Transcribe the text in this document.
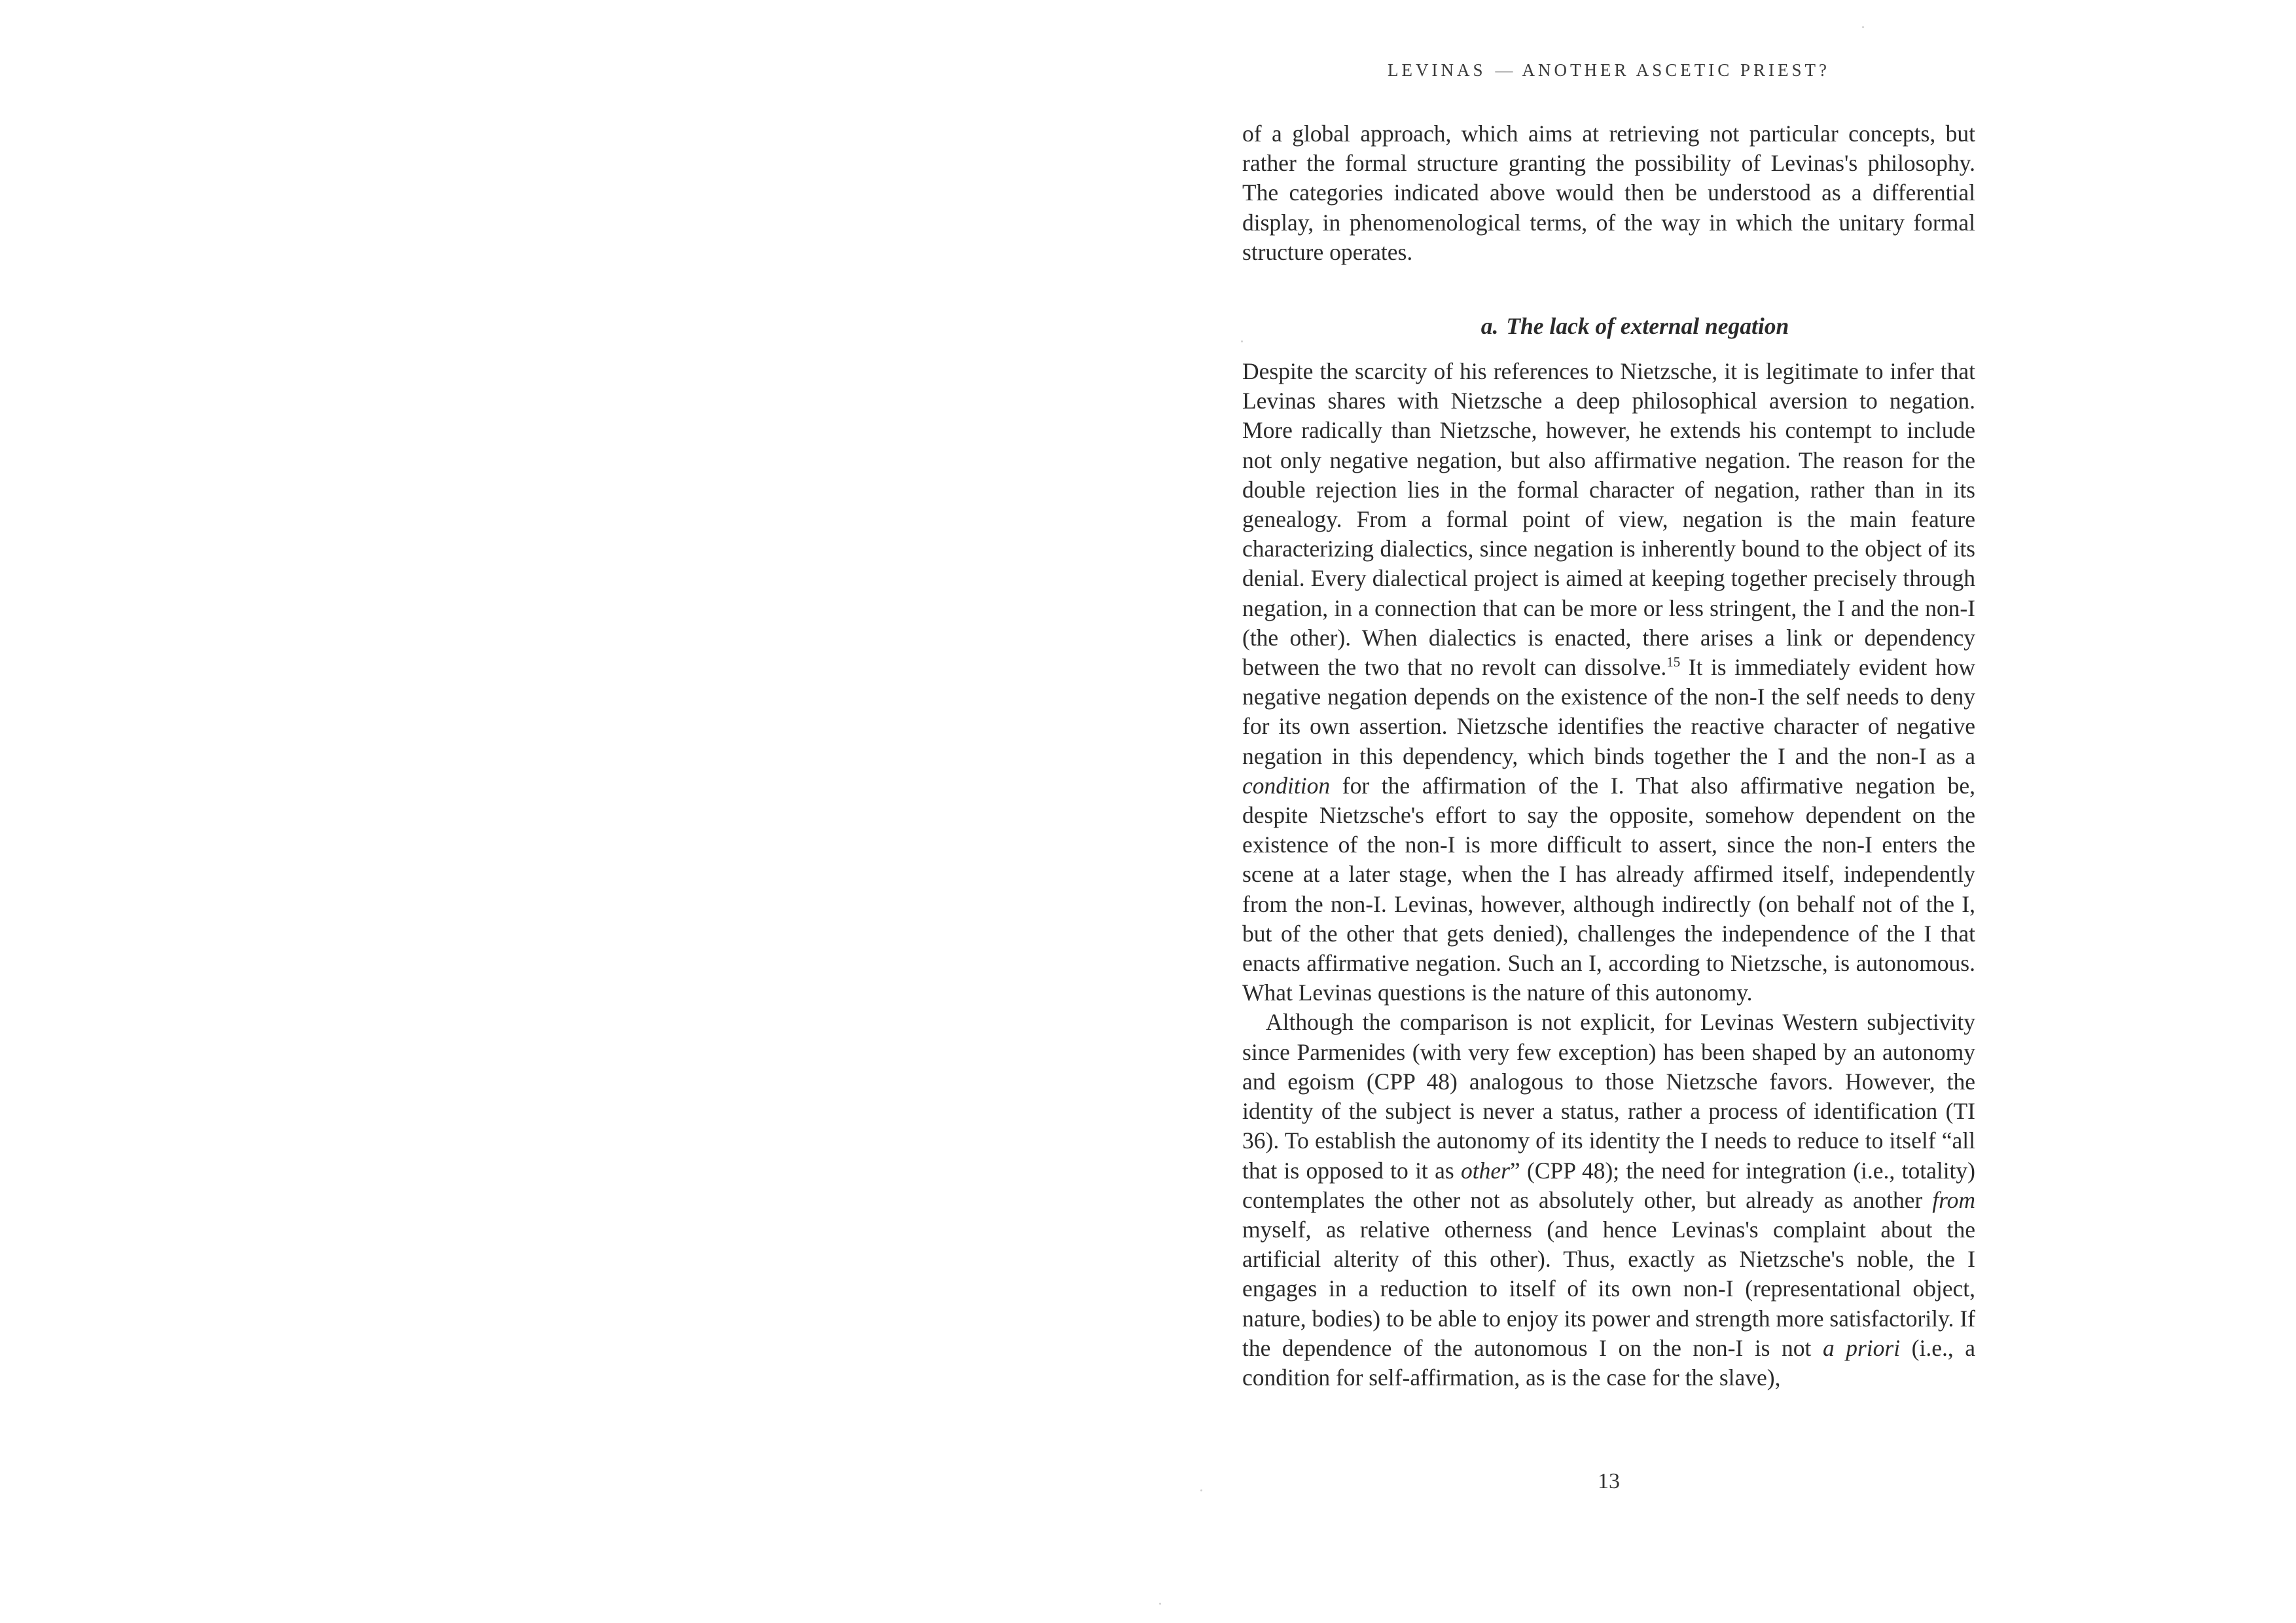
LEVINAS — ANOTHER ASCETIC PRIEST?

of a global approach, which aims at retrieving not particular concepts, but rather the formal structure granting the possibility of Levinas's philosophy. The categories indicated above would then be understood as a differential display, in phenomenological terms, of the way in which the unitary formal structure operates.

a. The lack of external negation

Despite the scarcity of his references to Nietzsche, it is legitimate to infer that Levinas shares with Nietzsche a deep philosophical aversion to negation. More radically than Nietzsche, however, he extends his contempt to include not only negative negation, but also affirmative negation. The reason for the double rejection lies in the formal character of negation, rather than in its genealogy. From a formal point of view, negation is the main feature characterizing dialectics, since negation is inherently bound to the object of its denial. Every dialectical project is aimed at keeping together precisely through negation, in a connection that can be more or less stringent, the I and the non-I (the other). When dialectics is enacted, there arises a link or dependency between the two that no revolt can dissolve.$^{15}$ It is immediately evident how negative negation depends on the existence of the non-I the self needs to deny for its own assertion. Nietzsche identifies the reactive character of negative negation in this dependency, which binds together the I and the non-I as a condition for the affirmation of the I. That also affirmative negation be, despite Nietzsche's effort to say the opposite, somehow dependent on the existence of the non-I is more difficult to assert, since the non-I enters the scene at a later stage, when the I has already affirmed itself, independently from the non-I. Levinas, however, although indirectly (on behalf not of the I, but of the other that gets denied), challenges the independence of the I that enacts affirmative negation. Such an I, according to Nietzsche, is autonomous. What Levinas questions is the nature of this autonomy.

Although the comparison is not explicit, for Levinas Western subjectivity since Parmenides (with very few exception) has been shaped by an autonomy and egoism (CPP 48) analogous to those Nietzsche favors. However, the identity of the subject is never a status, rather a process of identification (TI 36). To establish the autonomy of its identity the I needs to reduce to itself “all that is opposed to it as other” (CPP 48); the need for integration (i.e., totality) contemplates the other not as absolutely other, but already as another from myself, as relative otherness (and hence Levinas's complaint about the artificial alterity of this other). Thus, exactly as Nietzsche's noble, the I engages in a reduction to itself of its own non-I (representational object, nature, bodies) to be able to enjoy its power and strength more satisfactorily. If the dependence of the autonomous I on the non-I is not a priori (i.e., a condition for self-affirmation, as is the case for the slave),

13
